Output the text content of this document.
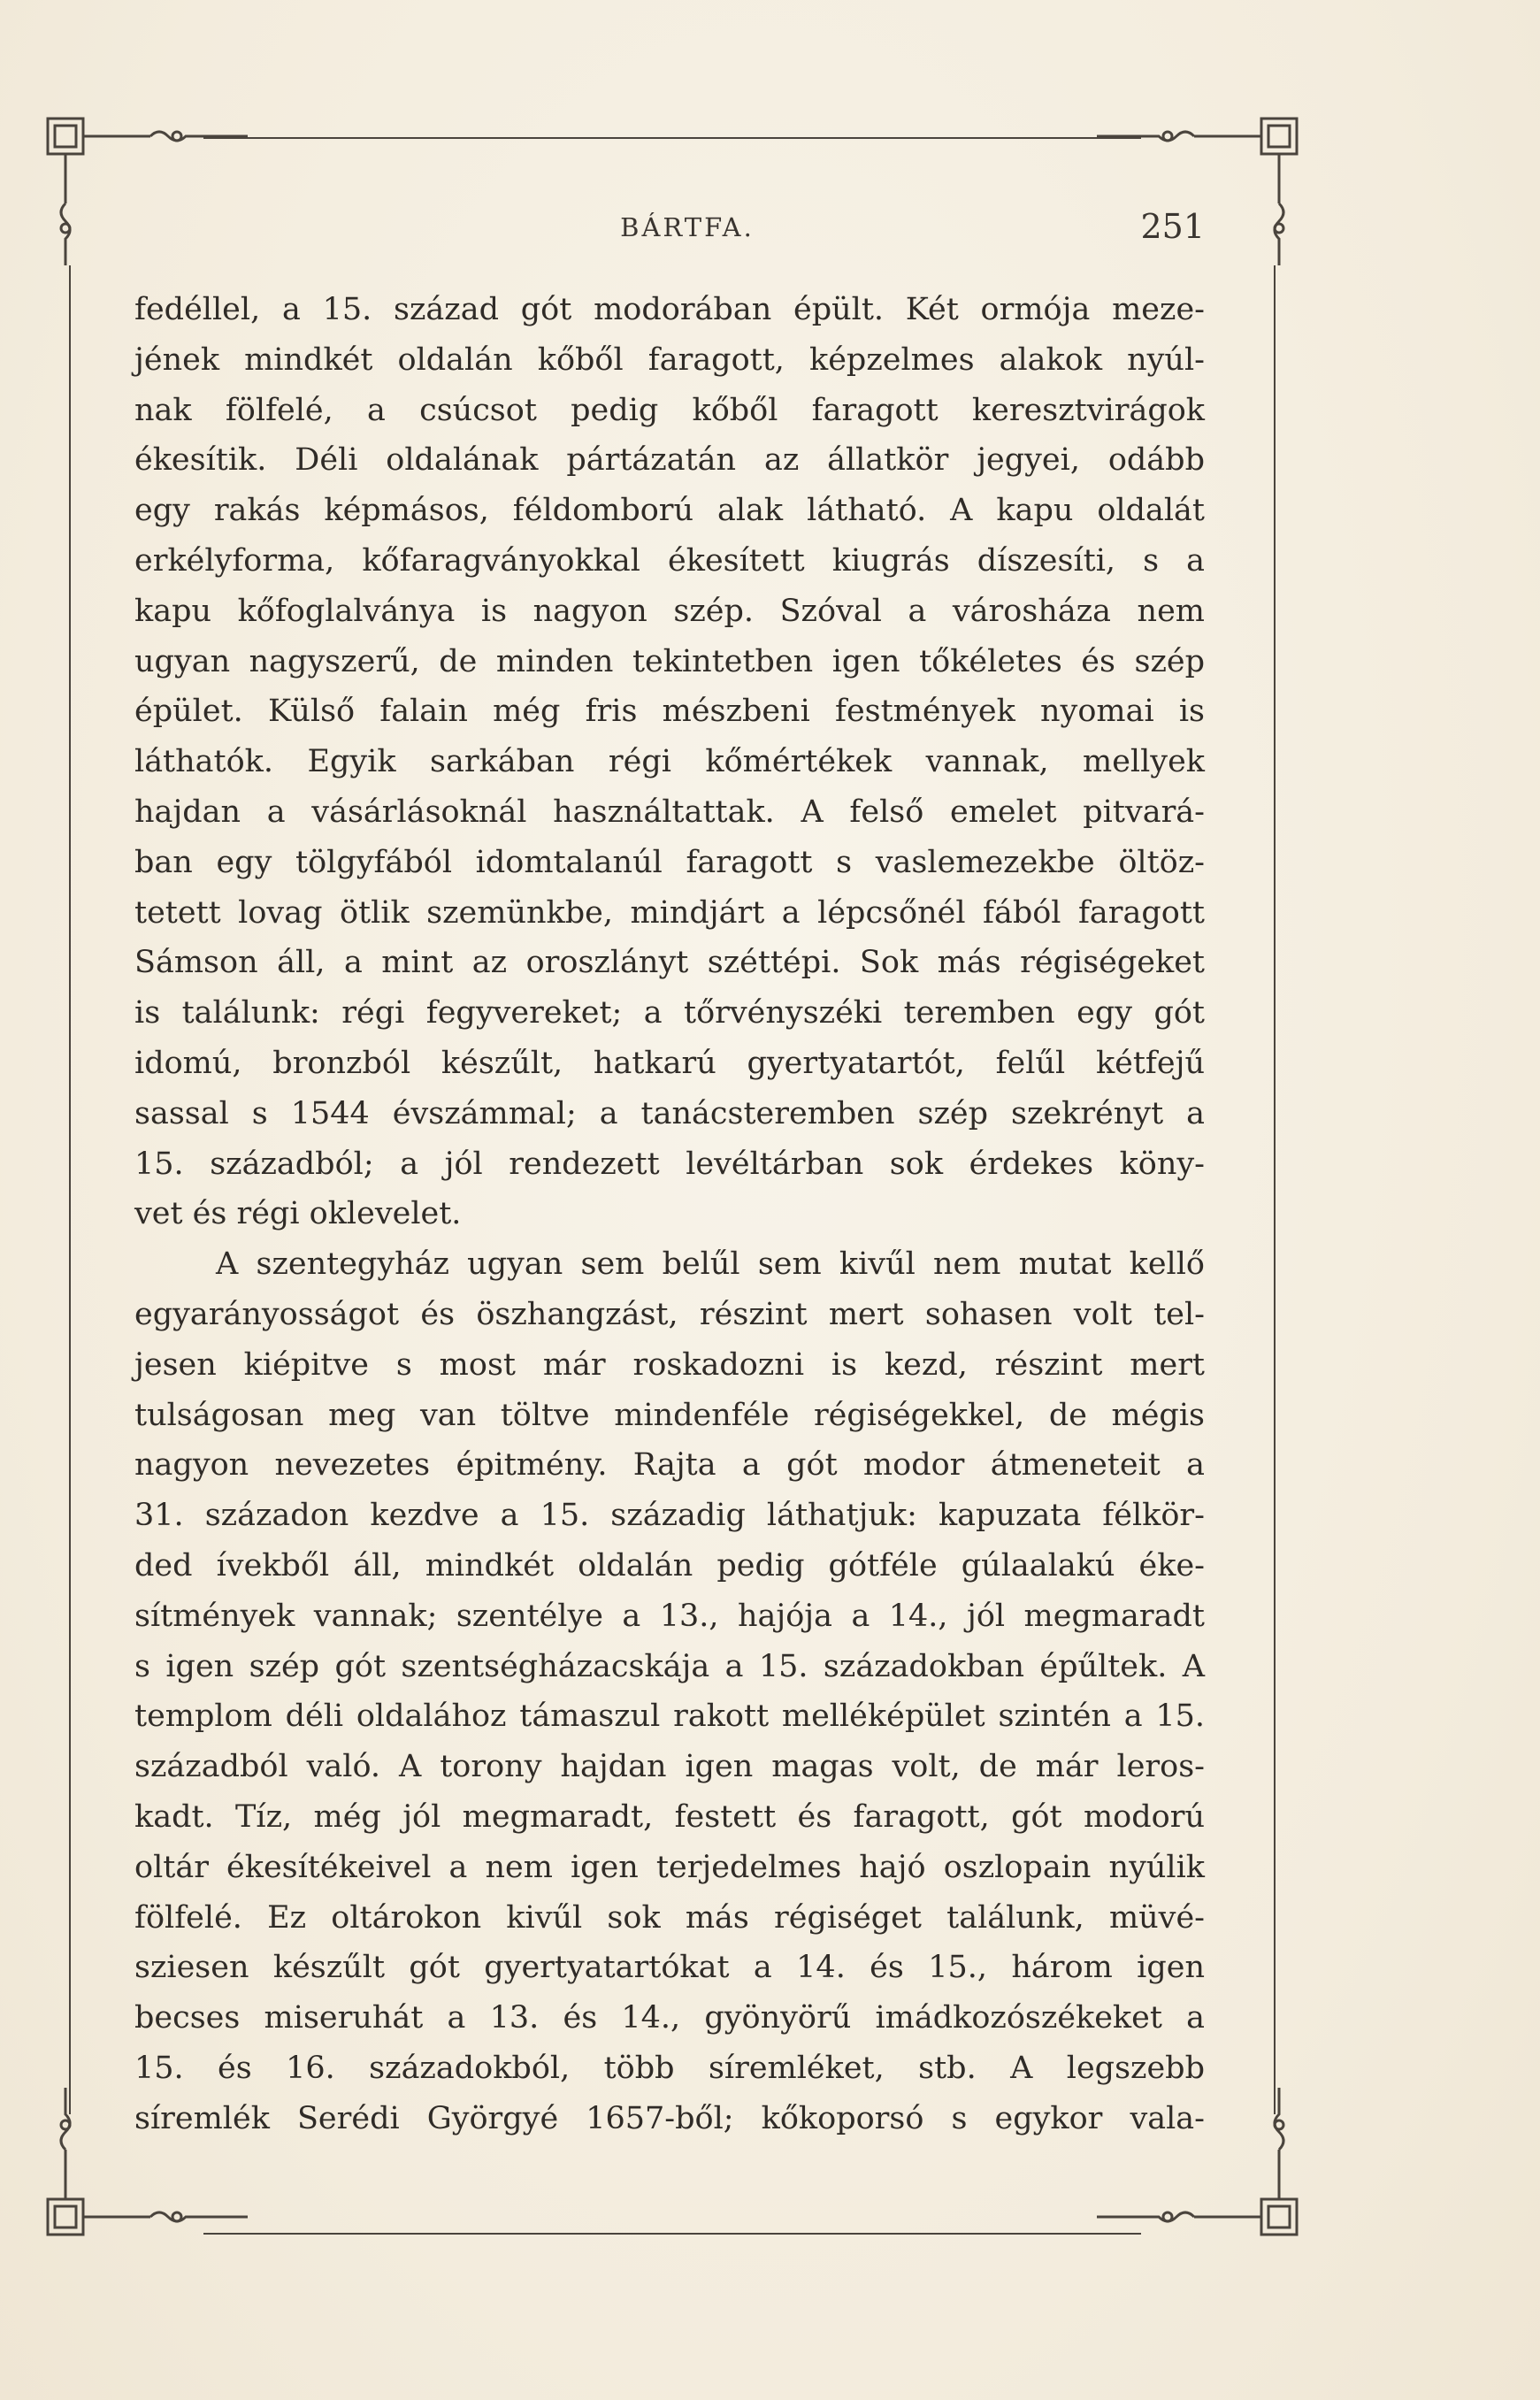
BÁRTFA.	251
fedéllel, a 15. század gót modorában épült. Két ormója meze-
jének mindkét oldalán kőből faragott, képzelmes alakok nyúl-
nak fölfelé, a csúcsot pedig kőből faragott keresztvirágok
ékesítik. Déli oldalának pártázatán az állatkör jegyei, odább
egy rakás képmásos, féldomború alak látható. A kapu oldalát
erkélyforma, kőfaragványokkal ékesített kiugrás díszesíti, s a
kapu kőfoglalványa is nagyon szép. Szóval a városháza nem
ugyan nagyszerű, de minden tekintetben igen tőkéletes és szép
épület. Külső falain még fris mészbeni festmények nyomai is
láthatók. Egyik sarkában régi kőmértékek vannak, mellyek
hajdan a vásárlásoknál használtattak. A felső emelet pitvará-
ban egy tölgyfából idomtalanúl faragott s vaslemezekbe öltöz-
tetett lovag ötlik szemünkbe, mindjárt a lépcsőnél fából faragott
Sámson áll, a mint az oroszlányt széttépi. Sok más régiségeket
is találunk: régi fegyvereket; a tőrvényszéki teremben egy gót
idomú, bronzból készűlt, hatkarú gyertyatartót, felűl kétfejű
sassal s 1544 évszámmal; a tanácsteremben szép szekrényt a
15. századból; a jól rendezett levéltárban sok érdekes köny-
vet és régi oklevelet.
A szentegyház ugyan sem belűl sem kivűl nem mutat kellő
egyarányosságot és öszhangzást, részint mert sohasen volt tel-
jesen kiépitve s most már roskadozni is kezd, részint mert
tulságosan meg van töltve mindenféle régiségekkel, de mégis
nagyon nevezetes épitmény. Rajta a gót modor átmeneteit a
31. századon kezdve a 15. századig láthatjuk: kapuzata félkör-
ded ívekből áll, mindkét oldalán pedig gótféle gúlaalakú éke-
sítmények vannak; szentélye a 13., hajója a 14., jól megmaradt
s igen szép gót szentségházacskája a 15. századokban épűltek. A
templom déli oldalához támaszul rakott melléképület szintén a 15.
századból való. A torony hajdan igen magas volt, de már leros-
kadt. Tíz, még jól megmaradt, festett és faragott, gót modorú
oltár ékesítékeivel a nem igen terjedelmes hajó oszlopain nyúlik
fölfelé. Ez oltárokon kivűl sok más régiséget találunk, müvé-
sziesen készűlt gót gyertyatartókat a 14. és 15., három igen
becses miseruhát a 13. és 14., gyönyörű imádkozószékeket a
15. és 16. századokból, több síremléket, stb. A legszebb
síremlék Serédi Györgyé 1657-ből; kőkoporsó s egykor vala-
